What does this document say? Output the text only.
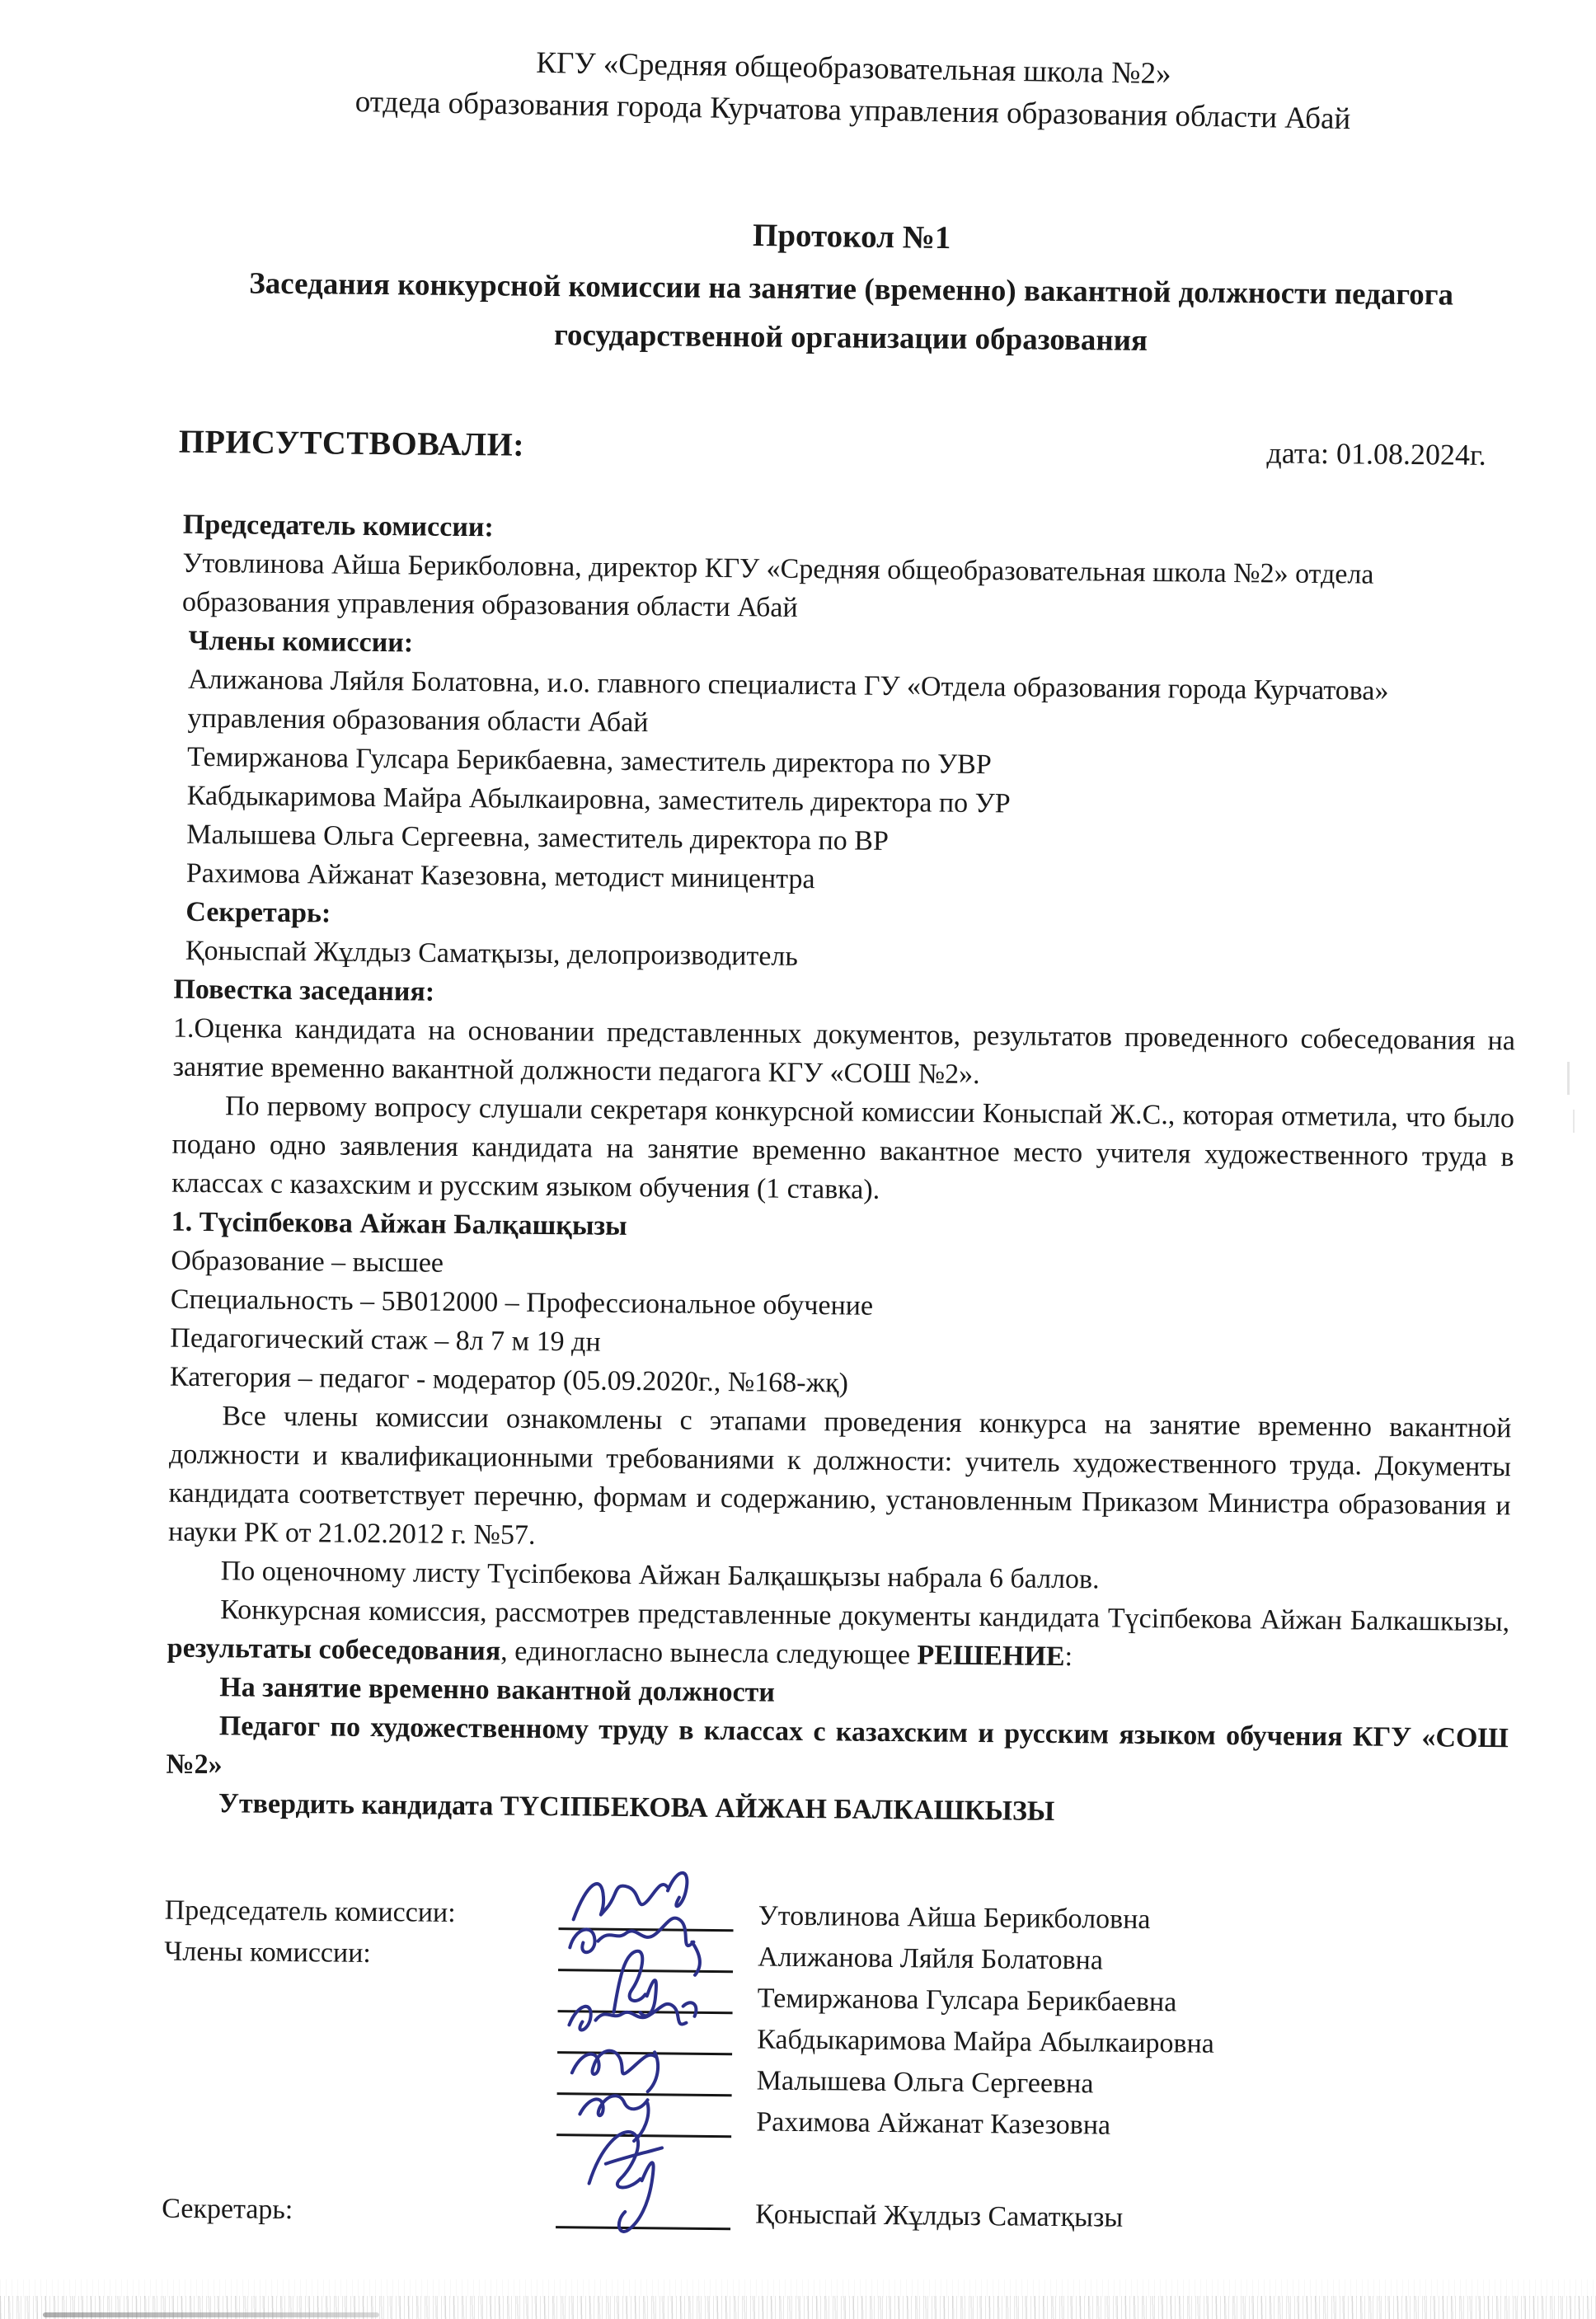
КГУ «Средняя общеобразовательная школа №2»

отдеда образования города Курчатова управления образования области Абай

Протокол №1

Заседания конкурсной комиссии на занятие (временно) вакантной должности педагога государственной организации образования

ПРИСУТСТВОВАЛИ:	дата: 01.08.2024г.

Председатель комиссии:

Утовлинова Айша Берикболовна, директор КГУ «Средняя общеобразовательная школа №2» отдела образования управления образования области Абай

Члены комиссии:

Алижанова Ляйля Болатовна, и.о. главного специалиста ГУ «Отдела образования города Курчатова» управления образования области Абай

Темиржанова Гулсара Берикбаевна, заместитель директора по УВР

Кабдыкаримова Майра Абылкаировна, заместитель директора по УР

Малышева Ольга Сергеевна, заместитель директора по ВР

Рахимова Айжанат Казезовна, методист миницентра

Секретарь:

Қоныспай Жұлдыз Саматқызы, делопроизводитель

Повестка заседания:

1.Оценка кандидата на основании представленных документов, результатов проведенного собеседования на занятие временно вакантной должности педагога КГУ «СОШ №2».

По первому вопросу слушали секретаря конкурсной комиссии Коныспай Ж.С., которая отметила, что было подано одно заявления кандидата на занятие временно вакантное место учителя художественного труда в классах с казахским и русским языком обучения (1 ставка).

1. Түсіпбекова Айжан Балқашқызы

Образование – высшее

Специальность – 5В012000 – Профессиональное обучение

Педагогический стаж – 8л 7 м 19 дн

Категория – педагог - модератор (05.09.2020г., №168-жқ)

Все члены комиссии ознакомлены с этапами проведения конкурса на занятие временно вакантной должности и квалификационными требованиями к должности: учитель художественного труда. Документы кандидата соответствует перечню, формам и содержанию, установленным Приказом Министра образования и науки РК от 21.02.2012 г. №57.

По оценочному листу Түсіпбекова Айжан Балқашқызы набрала 6 баллов.

Конкурсная комиссия, рассмотрев представленные документы кандидата Түсіпбекова Айжан Балкашкызы, результаты собеседования, единогласно вынесла следующее РЕШЕНИЕ:

На занятие временно вакантной должности

Педагог по художественному труду в классах с казахским и русским языком обучения КГУ «СОШ №2»

Утвердить кандидата ТҮСІПБЕКОВА АЙЖАН БАЛКАШКЫЗЫ

Председатель комиссии:	Утовлинова Айша Берикболовна
Члены комиссии:	Алижанова Ляйля Болатовна
Темиржанова Гулсара Берикбаевна
Кабдыкаримова Майра Абылкаировна
Малышева Ольга Сергеевна
Рахимова Айжанат Казезовна
Секретарь:	Қоныспай Жұлдыз Саматқызы
